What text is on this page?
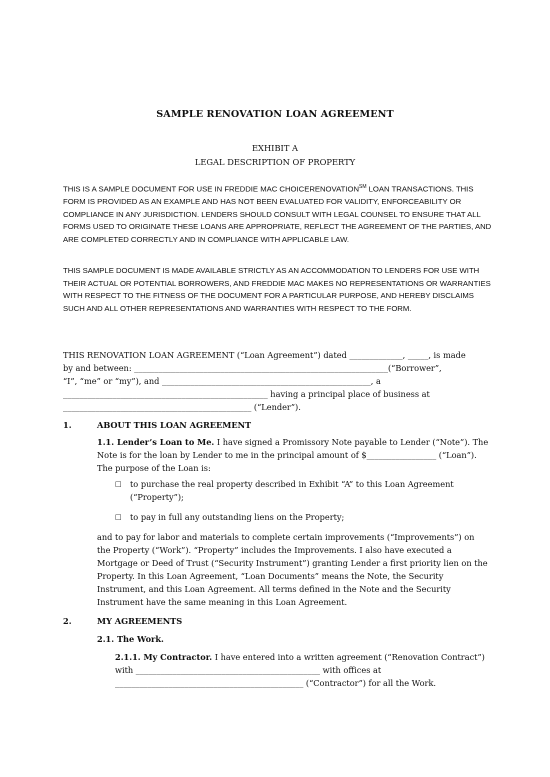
SAMPLE RENOVATION LOAN AGREEMENT
EXHIBIT A
LEGAL DESCRIPTION OF PROPERTY
THIS IS A SAMPLE DOCUMENT FOR USE IN FREDDIE MAC CHOICERENOVATION℠ LOAN TRANSACTIONS. THIS FORM IS PROVIDED AS AN EXAMPLE AND HAS NOT BEEN EVALUATED FOR VALIDITY, ENFORCEABILITY OR COMPLIANCE IN ANY JURISDICTION. LENDERS SHOULD CONSULT WITH LEGAL COUNSEL TO ENSURE THAT ALL FORMS USED TO ORIGINATE THESE LOANS ARE APPROPRIATE, REFLECT THE AGREEMENT OF THE PARTIES, AND ARE COMPLETED CORRECTLY AND IN COMPLIANCE WITH APPLICABLE LAW.
THIS SAMPLE DOCUMENT IS MADE AVAILABLE STRICTLY AS AN ACCOMMODATION TO LENDERS FOR USE WITH THEIR ACTUAL OR POTENTIAL BORROWERS, AND FREDDIE MAC MAKES NO REPRESENTATIONS OR WARRANTIES WITH RESPECT TO THE FITNESS OF THE DOCUMENT FOR A PARTICULAR PURPOSE, AND HEREBY DISCLAIMS SUCH AND ALL OTHER REPRESENTATIONS AND WARRANTIES WITH RESPECT TO THE FORM.
THIS RENOVATION LOAN AGREEMENT (“Loan Agreement”) dated _____________, _____, is made
by and between: ______________________________________________________________(“Borrower”,
“I”, “me” or “my”), and ___________________________________________________, a
__________________________________________________ having a principal place of business at
______________________________________________ (“Lender”).
1.	ABOUT THIS LOAN AGREEMENT
1.1. Lender’s Loan to Me. I have signed a Promissory Note payable to Lender (“Note”). The
Note is for the loan by Lender to me in the principal amount of $_________________ (“Loan”).
The purpose of the Loan is:
□ to purchase the real property described in Exhibit “A” to this Loan Agreement
(“Property”);
□ to pay in full any outstanding liens on the Property;
and to pay for labor and materials to complete certain improvements (“Improvements”) on
the Property (“Work”). “Property” includes the Improvements. I also have executed a
Mortgage or Deed of Trust (“Security Instrument”) granting Lender a first priority lien on the
Property. In this Loan Agreement, “Loan Documents” means the Note, the Security
Instrument, and this Loan Agreement. All terms defined in the Note and the Security
Instrument have the same meaning in this Loan Agreement.
2.	MY AGREEMENTS
2.1. The Work.
2.1.1. My Contractor. I have entered into a written agreement (“Renovation Contract”)
with _____________________________________________ with offices at
______________________________________________ (“Contractor”) for all the Work.
